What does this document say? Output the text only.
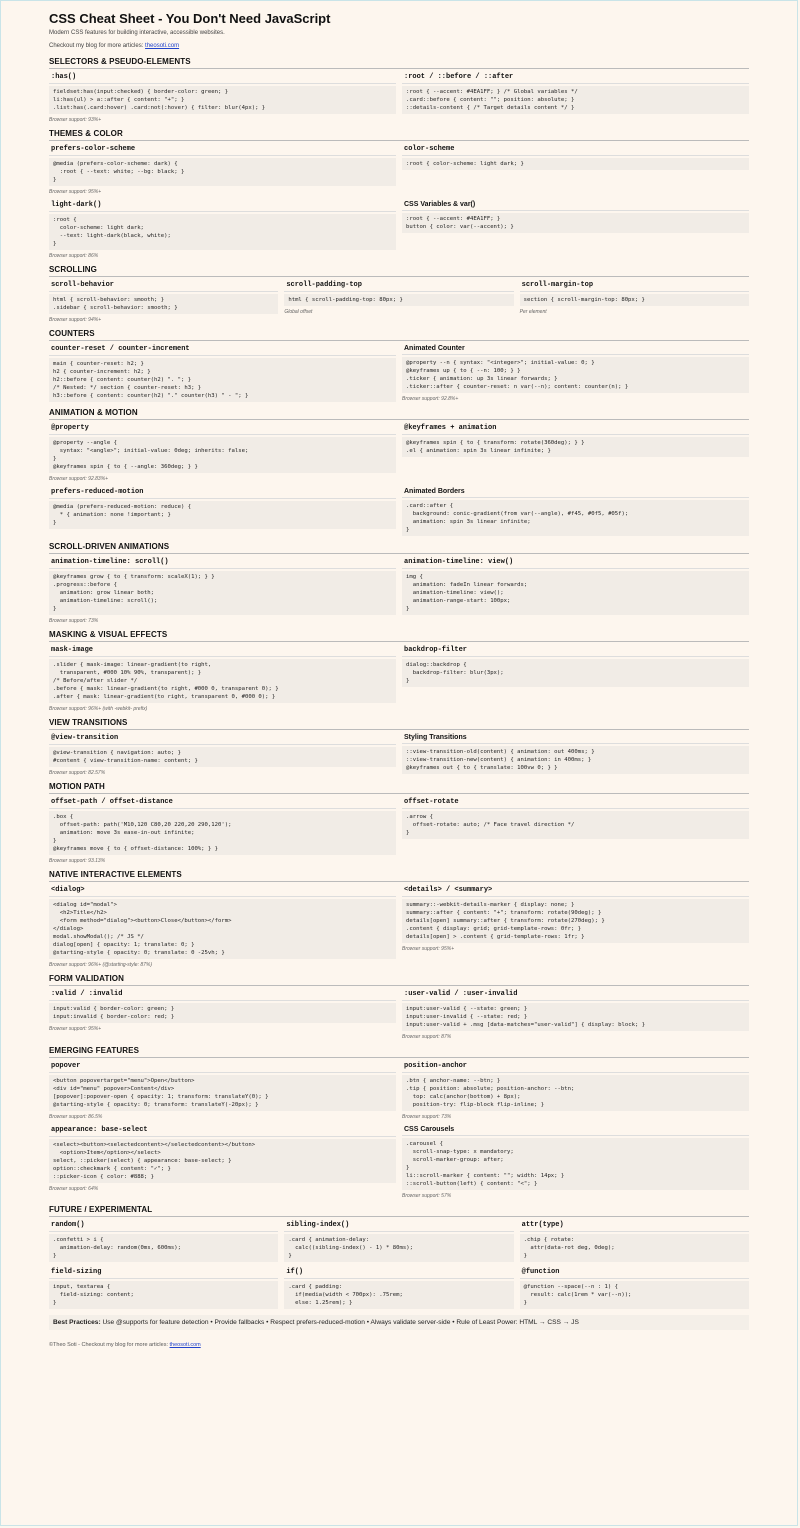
CSS Cheat Sheet - You Don't Need JavaScript
Modern CSS features for building interactive, accessible websites.
Checkout my blog for more articles: theosoti.com
SELECTORS & PSEUDO-ELEMENTS
:has()
fieldset:has(input:checked) { border-color: green; }
li:has(ul) > a::after { content: "+"; }
.list:has(.card:hover) .card:not(:hover) { filter: blur(4px); }
Browser support: 93%+
:root / ::before / ::after
:root { --accent: #4EA1FF; } /* Global variables */
.card::before { content: ""; position: absolute; }
::details-content { /* Target details content */ }
THEMES & COLOR
prefers-color-scheme
@media (prefers-color-scheme: dark) {
:root { --text: white; --bg: black; }
}
Browser support: 95%+
color-scheme
:root { color-scheme: light dark; }
light-dark()
:root {
color-scheme: light dark;
--text: light-dark(black, white);
}
Browser support: 86%
CSS Variables & var()
:root { --accent: #4EA1FF; }
button { color: var(--accent); }
SCROLLING
scroll-behavior
html { scroll-behavior: smooth; }
.sidebar { scroll-behavior: smooth; }
Browser support: 94%+
scroll-padding-top
html { scroll-padding-top: 80px; }
Global offset
scroll-margin-top
section { scroll-margin-top: 80px; }
Per element
COUNTERS
counter-reset / counter-increment
main { counter-reset: h2; }
h2 { counter-increment: h2; }
h2::before { content: counter(h2) ". "; }
/* Nested: */ section { counter-reset: h3; }
h3::before { content: counter(h2) "." counter(h3) " - "; }
Animated Counter
@property --n { syntax: "<integer>"; initial-value: 0; }
@keyframes up { to { --n: 100; } }
.ticker { animation: up 3s linear forwards; }
.ticker::after { counter-reset: n var(--n); content: counter(n); }
Browser support: 92.8%+
ANIMATION & MOTION
@property
@property --angle {
syntax: "<angle>"; initial-value: 0deg; inherits: false;
}
@keyframes spin { to { --angle: 360deg; } }
Browser support: 92.83%+
@keyframes + animation
@keyframes spin { to { transform: rotate(360deg); } }
.el { animation: spin 3s linear infinite; }
prefers-reduced-motion
@media (prefers-reduced-motion: reduce) {
* { animation: none !important; }
}
Animated Borders
.card::after {
background: conic-gradient(from var(--angle), #f45, #0f5, #05f);
animation: spin 3s linear infinite;
}
SCROLL-DRIVEN ANIMATIONS
animation-timeline: scroll()
@keyframes grow { to { transform: scaleX(1); } }
.progress::before {
animation: grow linear both;
animation-timeline: scroll();
}
Browser support: 73%
animation-timeline: view()
img {
animation: fadeIn linear forwards;
animation-timeline: view();
animation-range-start: 100px;
}
MASKING & VISUAL EFFECTS
mask-image
.slider { mask-image: linear-gradient(to right,
transparent, #000 10% 90%, transparent); }
/* Before/after slider */
.before { mask: linear-gradient(to right, #000 0, transparent 0); }
.after { mask: linear-gradient(to right, transparent 0, #000 0); }
Browser support: 96%+ (with -webkit- prefix)
backdrop-filter
dialog::backdrop {
backdrop-filter: blur(3px);
}
VIEW TRANSITIONS
@view-transition
@view-transition { navigation: auto; }
#content { view-transition-name: content; }
Browser support: 82.57%
Styling Transitions
::view-transition-old(content) { animation: out 400ms; }
::view-transition-new(content) { animation: in 400ms; }
@keyframes out { to { translate: 100vw 0; } }
MOTION PATH
offset-path / offset-distance
.box {
offset-path: path('M10,120 C80,20 220,20 290,120');
animation: move 3s ease-in-out infinite;
}
@keyframes move { to { offset-distance: 100%; } }
Browser support: 93.13%
offset-rotate
.arrow {
offset-rotate: auto; /* Face travel direction */
}
NATIVE INTERACTIVE ELEMENTS
<dialog>
<dialog id="modal">
<h2>Title</h2>
<form method="dialog"><button>Close</button></form>
</dialog>
modal.showModal(); /* JS */
dialog[open] { opacity: 1; translate: 0; }
@starting-style { opacity: 0; translate: 0 -25vh; }
Browser support: 96%+ (@starting-style: 87%)
<details> / <summary>
summary::-webkit-details-marker { display: none; }
summary::after { content: "+"; transform: rotate(90deg); }
details[open] summary::after { transform: rotate(270deg); }
.content { display: grid; grid-template-rows: 0fr; }
details[open] > .content { grid-template-rows: 1fr; }
Browser support: 95%+
FORM VALIDATION
:valid / :invalid
input:valid { border-color: green; }
input:invalid { border-color: red; }
Browser support: 95%+
:user-valid / :user-invalid
input:user-valid { --state: green; }
input:user-invalid { --state: red; }
input:user-valid + .msg [data-matches="user-valid"] { display: block; }
Browser support: 87%
EMERGING FEATURES
popover
<button popovertarget="menu">Open</button>
<div id="menu" popover>Content</div>
[popover]:popover-open { opacity: 1; transform: translateY(0); }
@starting-style { opacity: 0; transform: translateY(-20px); }
Browser support: 86.5%
position-anchor
.btn { anchor-name: --btn; }
.tip { position: absolute; position-anchor: --btn;
top: calc(anchor(bottom) + 8px);
position-try: flip-block flip-inline; }
Browser support: 73%
appearance: base-select
<select><button><selectedcontent></selectedcontent></button>
<option>Item</option></select>
select, ::picker(select) { appearance: base-select; }
option::checkmark { content: "✓"; }
::picker-icon { color: #888; }
Browser support: 64%
CSS Carousels
.carousel {
scroll-snap-type: x mandatory;
scroll-marker-group: after;
}
li::scroll-marker { content: ""; width: 14px; }
::scroll-button(left) { content: "<"; }
Browser support: 57%
FUTURE / EXPERIMENTAL
random()
.confetti > i {
animation-delay: random(0ms, 600ms);
}
sibling-index()
.card { animation-delay:
calc((sibling-index() - 1) * 80ms);
}
attr(type)
.chip { rotate:
attr(data-rot deg, 0deg);
}
field-sizing
input, textarea {
field-sizing: content;
}
if()
.card { padding:
if(media(width < 700px): .75rem;
else: 1.25rem); }
@function
@function --space(--n : 1) {
result: calc(1rem * var(--n));
}
Best Practices: Use @supports for feature detection • Provide fallbacks • Respect prefers-reduced-motion • Always validate server-side • Rule of Least Power: HTML → CSS → JS
©Theo Soti - Checkout my blog for more articles: theosoti.com
